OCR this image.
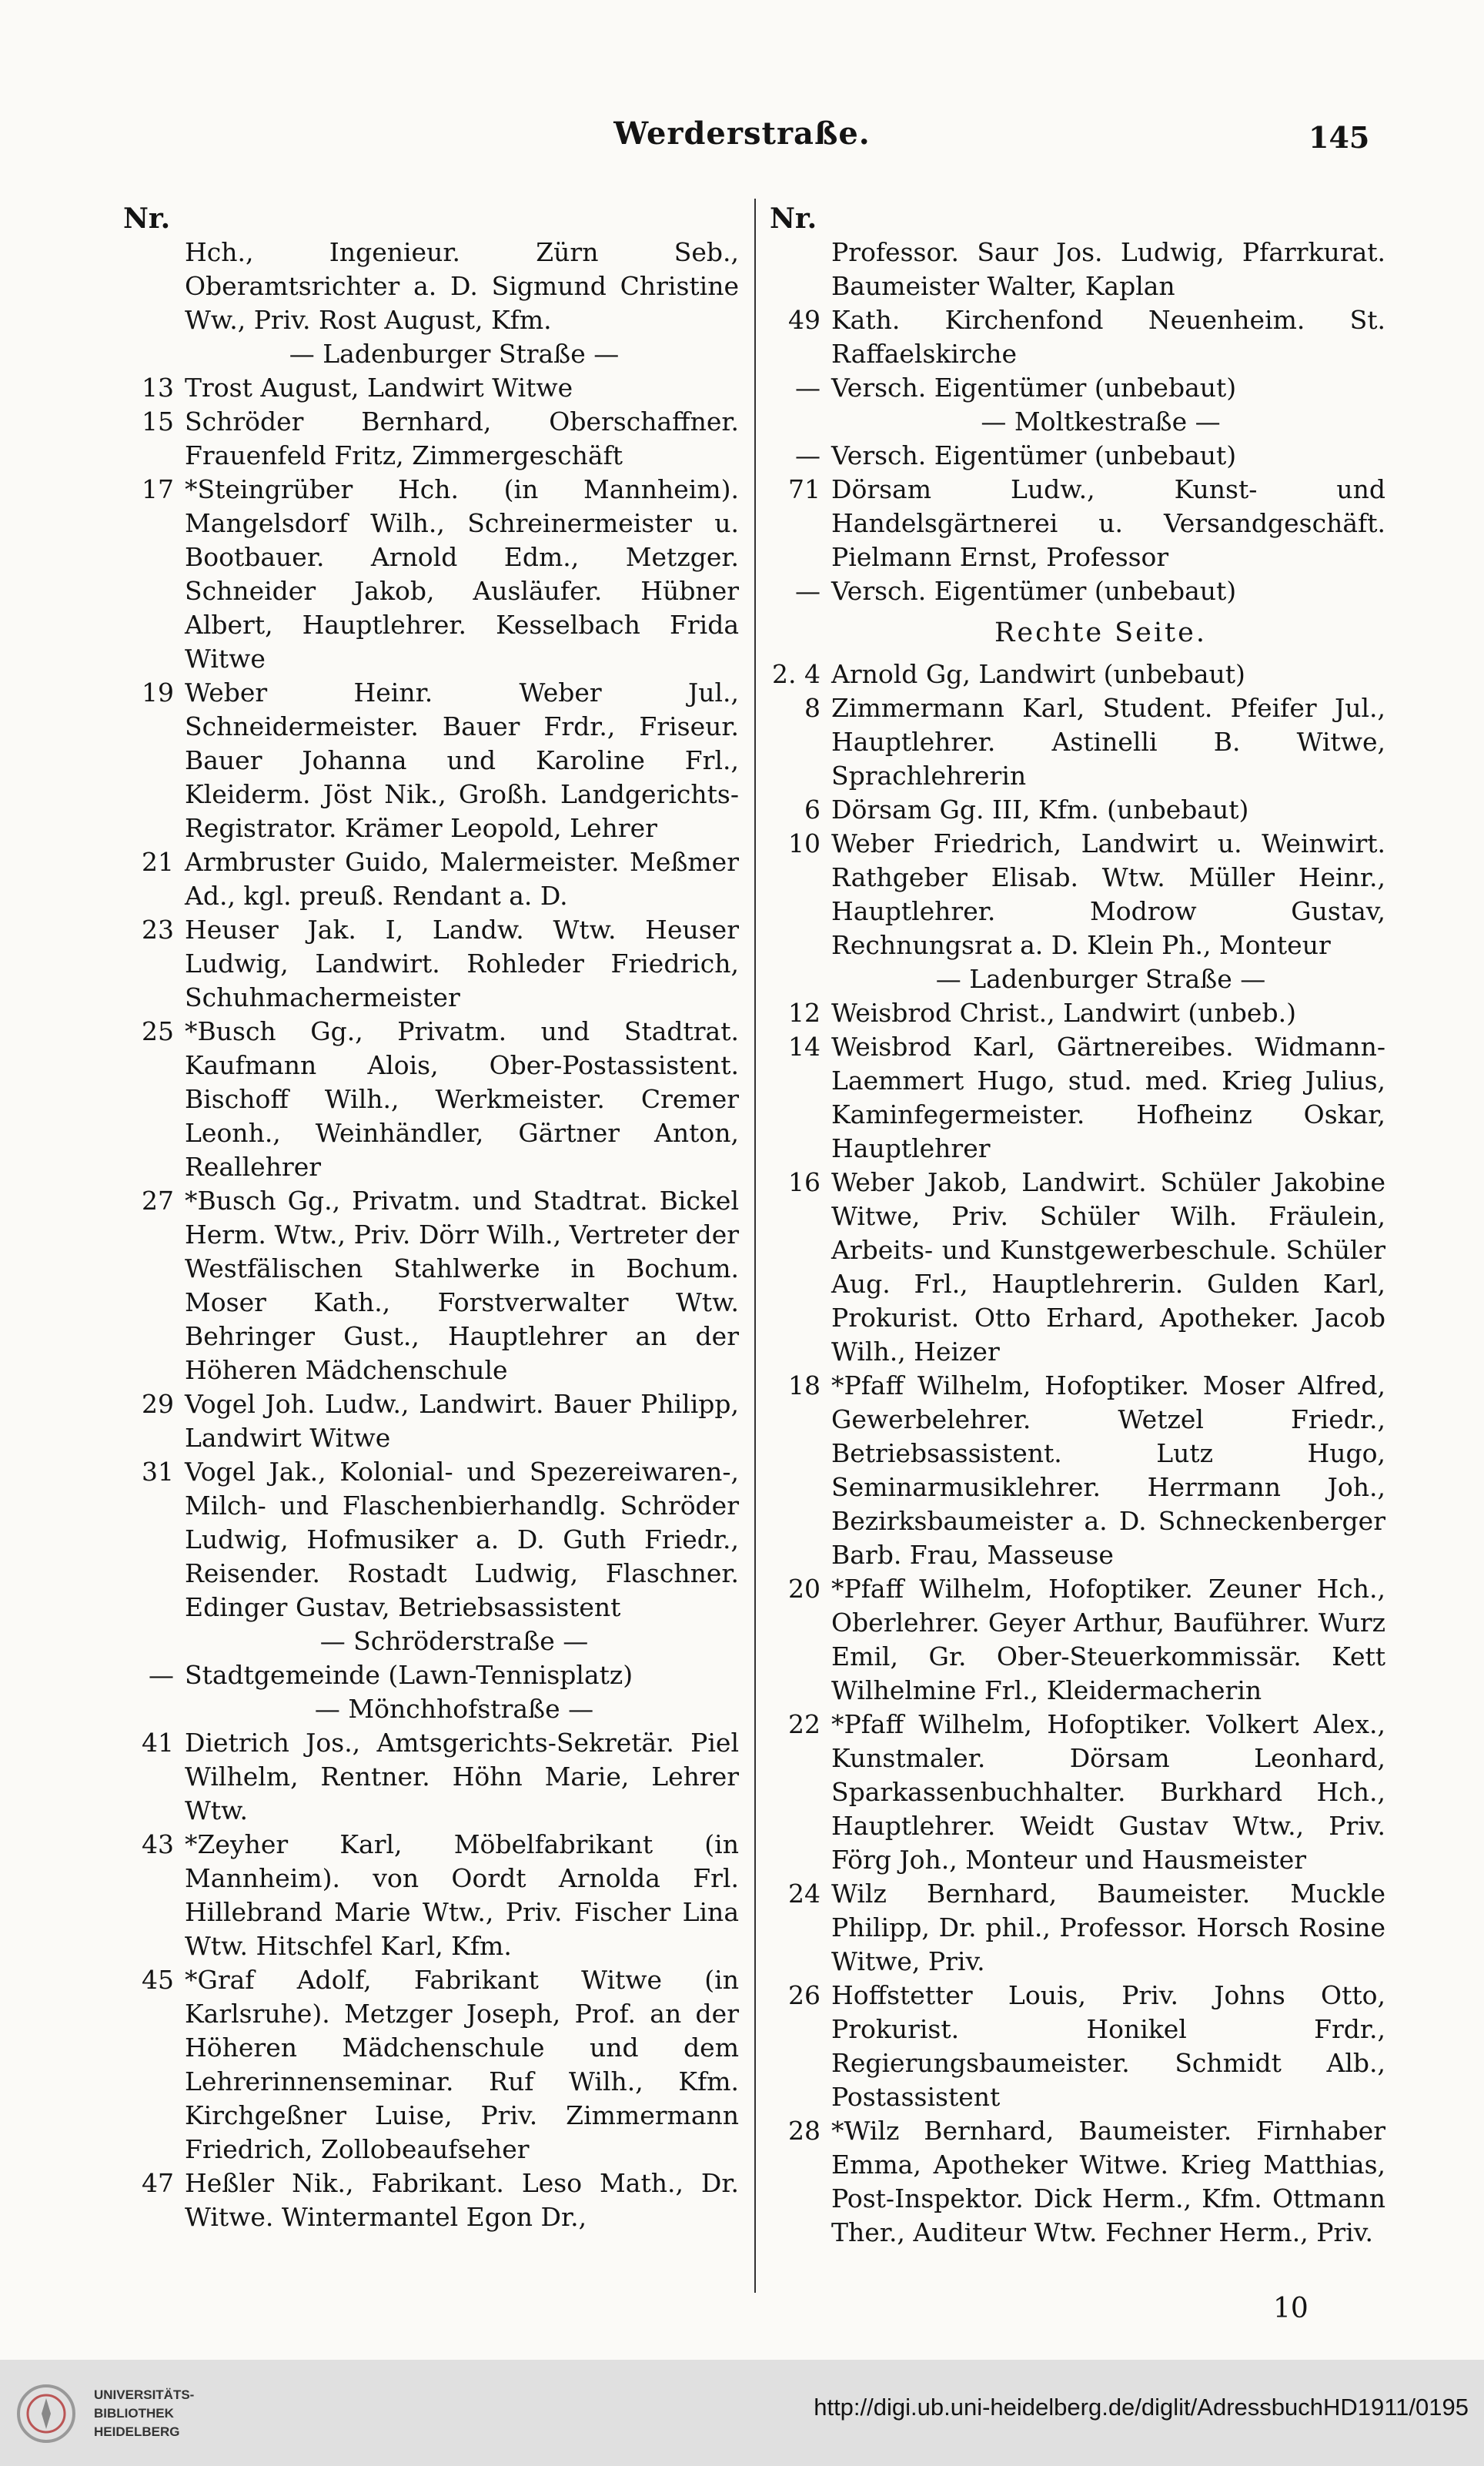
Werderstraße.	145
Nr.
Hch., Ingenieur. Zürn Seb., Oberamtsrichter a. D. Sigmund Christine Ww., Priv. Rost August, Kfm.
— Ladenburger Straße —
13 Trost August, Landwirt Witwe
15 Schröder Bernhard, Oberschaffner. Frauenfeld Fritz, Zimmergeschäft
17 *Steingrüber Hch. (in Mannheim). Mangelsdorf Wilh., Schreinermeister u. Bootbauer. Arnold Edm., Metzger. Schneider Jakob, Ausläufer. Hübner Albert, Hauptlehrer. Kesselbach Frida Witwe
19 Weber Heinr. Weber Jul., Schneidermeister. Bauer Frdr., Friseur. Bauer Johanna und Karoline Frl., Kleiderm. Jöst Nik., Großh. Landgerichts-Registrator. Krämer Leopold, Lehrer
21 Armbruster Guido, Malermeister. Meßmer Ad., kgl. preuß. Rendant a. D.
23 Heuser Jak. I, Landw. Wtw. Heuser Ludwig, Landwirt. Rohleder Friedrich, Schuhmachermeister
25 *Busch Gg., Privatm. und Stadtrat. Kaufmann Alois, Ober-Postassistent. Bischoff Wilh., Werkmeister. Cremer Leonh., Weinhändler, Gärtner Anton, Reallehrer
27 *Busch Gg., Privatm. und Stadtrat. Bickel Herm. Wtw., Priv. Dörr Wilh., Vertreter der Westfälischen Stahlwerke in Bochum. Moser Kath., Forstverwalter Wtw. Behringer Gust., Hauptlehrer an der Höheren Mädchenschule
29 Vogel Joh. Ludw., Landwirt. Bauer Philipp, Landwirt Witwe
31 Vogel Jak., Kolonial- und Spezereiwaren-, Milch- und Flaschenbierhandlg. Schröder Ludwig, Hofmusiker a. D. Guth Friedr., Reisender. Rostadt Ludwig, Flaschner. Edinger Gustav, Betriebsassistent
— Schröderstraße —
— Stadtgemeinde (Lawn-Tennisplatz)
— Mönchhofstraße —
41 Dietrich Jos., Amtsgerichts-Sekretär. Piel Wilhelm, Rentner. Höhn Marie, Lehrer Wtw.
43 *Zeyher Karl, Möbelfabrikant (in Mannheim). von Oordt Arnolda Frl. Hillebrand Marie Wtw., Priv. Fischer Lina Wtw. Hitschfel Karl, Kfm.
45 *Graf Adolf, Fabrikant Witwe (in Karlsruhe). Metzger Joseph, Prof. an der Höheren Mädchenschule und dem Lehrerinnenseminar. Ruf Wilh., Kfm. Kirchgeßner Luise, Priv. Zimmermann Friedrich, Zollobeaufseher
47 Heßler Nik., Fabrikant. Leso Math., Dr. Witwe. Wintermantel Egon Dr.,
Nr.
Professor. Saur Jos. Ludwig, Pfarrkurat. Baumeister Walter, Kaplan
49 Kath. Kirchenfond Neuenheim. St. Raffaelskirche
— Versch. Eigentümer (unbebaut)
— Moltkestraße —
— Versch. Eigentümer (unbebaut)
71 Dörsam Ludw., Kunst- und Handelsgärtnerei u. Versandgeschäft. Pielmann Ernst, Professor
— Versch. Eigentümer (unbebaut)
Rechte Seite.
2. 4 Arnold Gg, Landwirt (unbebaut)
8 Zimmermann Karl, Student. Pfeifer Jul., Hauptlehrer. Astinelli B. Witwe, Sprachlehrerin
6 Dörsam Gg. III, Kfm. (unbebaut)
10 Weber Friedrich, Landwirt u. Weinwirt. Rathgeber Elisab. Wtw. Müller Heinr., Hauptlehrer. Modrow Gustav, Rechnungsrat a. D. Klein Ph., Monteur
— Ladenburger Straße —
12 Weisbrod Christ., Landwirt (unbeb.)
14 Weisbrod Karl, Gärtnereibes. Widmann-Laemmert Hugo, stud. med. Krieg Julius, Kaminfegermeister. Hofheinz Oskar, Hauptlehrer
16 Weber Jakob, Landwirt. Schüler Jakobine Witwe, Priv. Schüler Wilh. Fräulein, Arbeits- und Kunstgewerbeschule. Schüler Aug. Frl., Hauptlehrerin. Gulden Karl, Prokurist. Otto Erhard, Apotheker. Jacob Wilh., Heizer
18 *Pfaff Wilhelm, Hofoptiker. Moser Alfred, Gewerbelehrer. Wetzel Friedr., Betriebsassistent. Lutz Hugo, Seminarmusiklehrer. Herrmann Joh., Bezirksbaumeister a. D. Schneckenberger Barb. Frau, Masseuse
20 *Pfaff Wilhelm, Hofoptiker. Zeuner Hch., Oberlehrer. Geyer Arthur, Bauführer. Wurz Emil, Gr. Ober-Steuerkommissär. Kett Wilhelmine Frl., Kleidermacherin
22 *Pfaff Wilhelm, Hofoptiker. Volkert Alex., Kunstmaler. Dörsam Leonhard, Sparkassenbuchhalter. Burkhard Hch., Hauptlehrer. Weidt Gustav Wtw., Priv. Förg Joh., Monteur und Hausmeister
24 Wilz Bernhard, Baumeister. Muckle Philipp, Dr. phil., Professor. Horsch Rosine Witwe, Priv.
26 Hoffstetter Louis, Priv. Johns Otto, Prokurist. Honikel Frdr., Regierungsbaumeister. Schmidt Alb., Postassistent
28 *Wilz Bernhard, Baumeister. Firnhaber Emma, Apotheker Witwe. Krieg Matthias, Post-Inspektor. Dick Herm., Kfm. Ottmann Ther., Auditeur Wtw. Fechner Herm., Priv.
10
UNIVERSITÄTS-
BIBLIOTHEK
HEIDELBERG
http://digi.ub.uni-heidelberg.de/diglit/AdressbuchHD1911/0195
